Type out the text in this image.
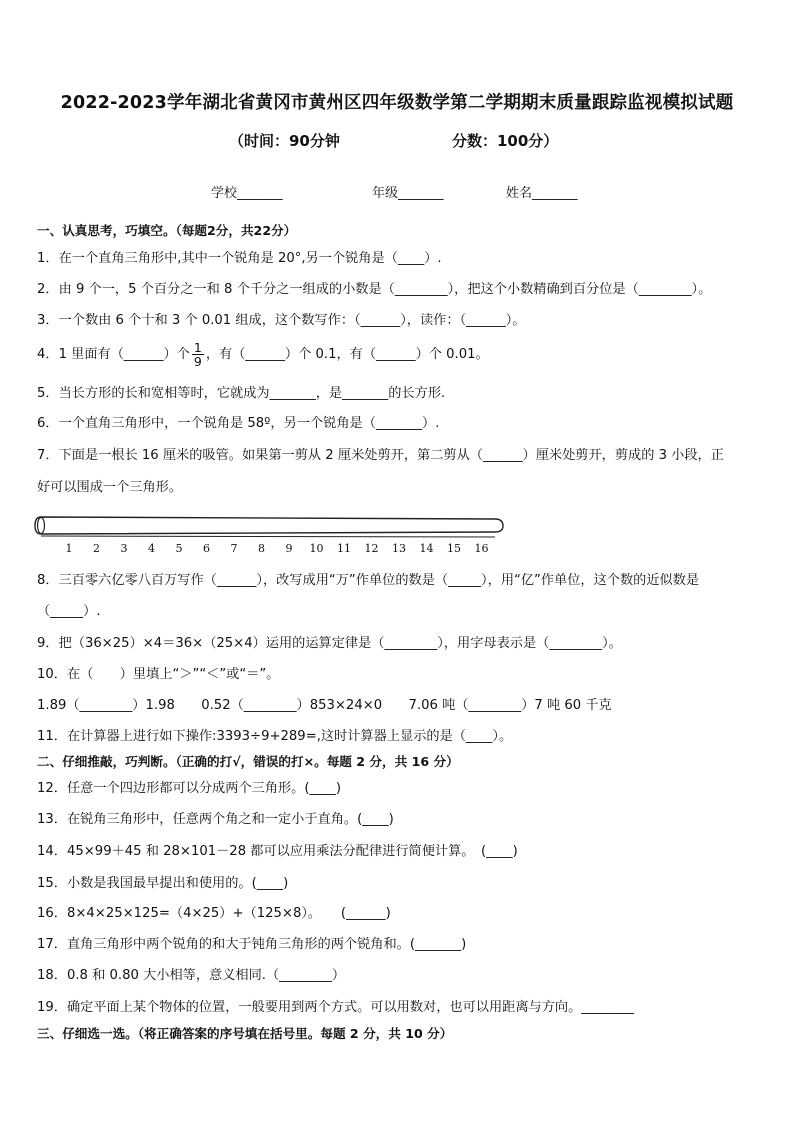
2022-2023学年湖北省黄冈市黄州区四年级数学第二学期期末质量跟踪监视模拟试题
（时间：90分钟	分数：100分）
学校_______	年级_______	姓名_______
一、认真思考，巧填空。（每题2分，共22分）
1．在一个直角三角形中,其中一个锐角是 20°,另一个锐角是（____）.
2．由 9 个一，5 个百分之一和 8 个千分之一组成的小数是（________），把这个小数精确到百分位是（________）。
3．一个数由 6 个十和 3 个 0.01 组成，这个数写作：（______），读作：（______）。
4．1 里面有（______）个 $\frac{1}{9}$ ，有（______）个 0.1，有（______）个 0.01。
5．当长方形的长和宽相等时，它就成为_______，是_______的长方形.
6．一个直角三角形中，一个锐角是 58º，另一个锐角是（_______）.
7．下面是一根长 16 厘米的吸管。如果第一剪从 2 厘米处剪开，第二剪从（______）厘米处剪开，剪成的 3 小段，正
好可以围成一个三角形。
1 2 3 4 5 6 7 8 9 10 11 12 13 14 15 16
8．三百零六亿零八百万写作（______），改写成用“万”作单位的数是（_____），用“亿”作单位，这个数的近似数是
（_____）.
9．把（36×25）×4＝36×（25×4）运用的运算定律是（________），用字母表示是（________）。
10．在（　　）里填上“＞”“＜”或“＝”。
1.89（________）1.98　　0.52（________）853×24×0　　7.06 吨（________）7 吨 60 千克
11．在计算器上进行如下操作:3393÷9+289=,这时计算器上显示的是（____）。
二、仔细推敲，巧判断。（正确的打√，错误的打×。每题 2 分，共 16 分）
12．任意一个四边形都可以分成两个三角形。(____)
13．在锐角三角形中，任意两个角之和一定小于直角。(____)
14．45×99＋45 和 28×101－28 都可以应用乘法分配律进行简便计算。　(____)
15．小数是我国最早提出和使用的。(____)
16．8×4×25×125=（4×25）+（125×8）。　　(______)
17．直角三角形中两个锐角的和大于钝角三角形的两个锐角和。(_______)
18．0.8 和 0.80 大小相等，意义相同.（________）
19．确定平面上某个物体的位置，一般要用到两个方式。可以用数对，也可以用距离与方向。________
三、仔细选一选。（将正确答案的序号填在括号里。每题 2 分，共 10 分）
